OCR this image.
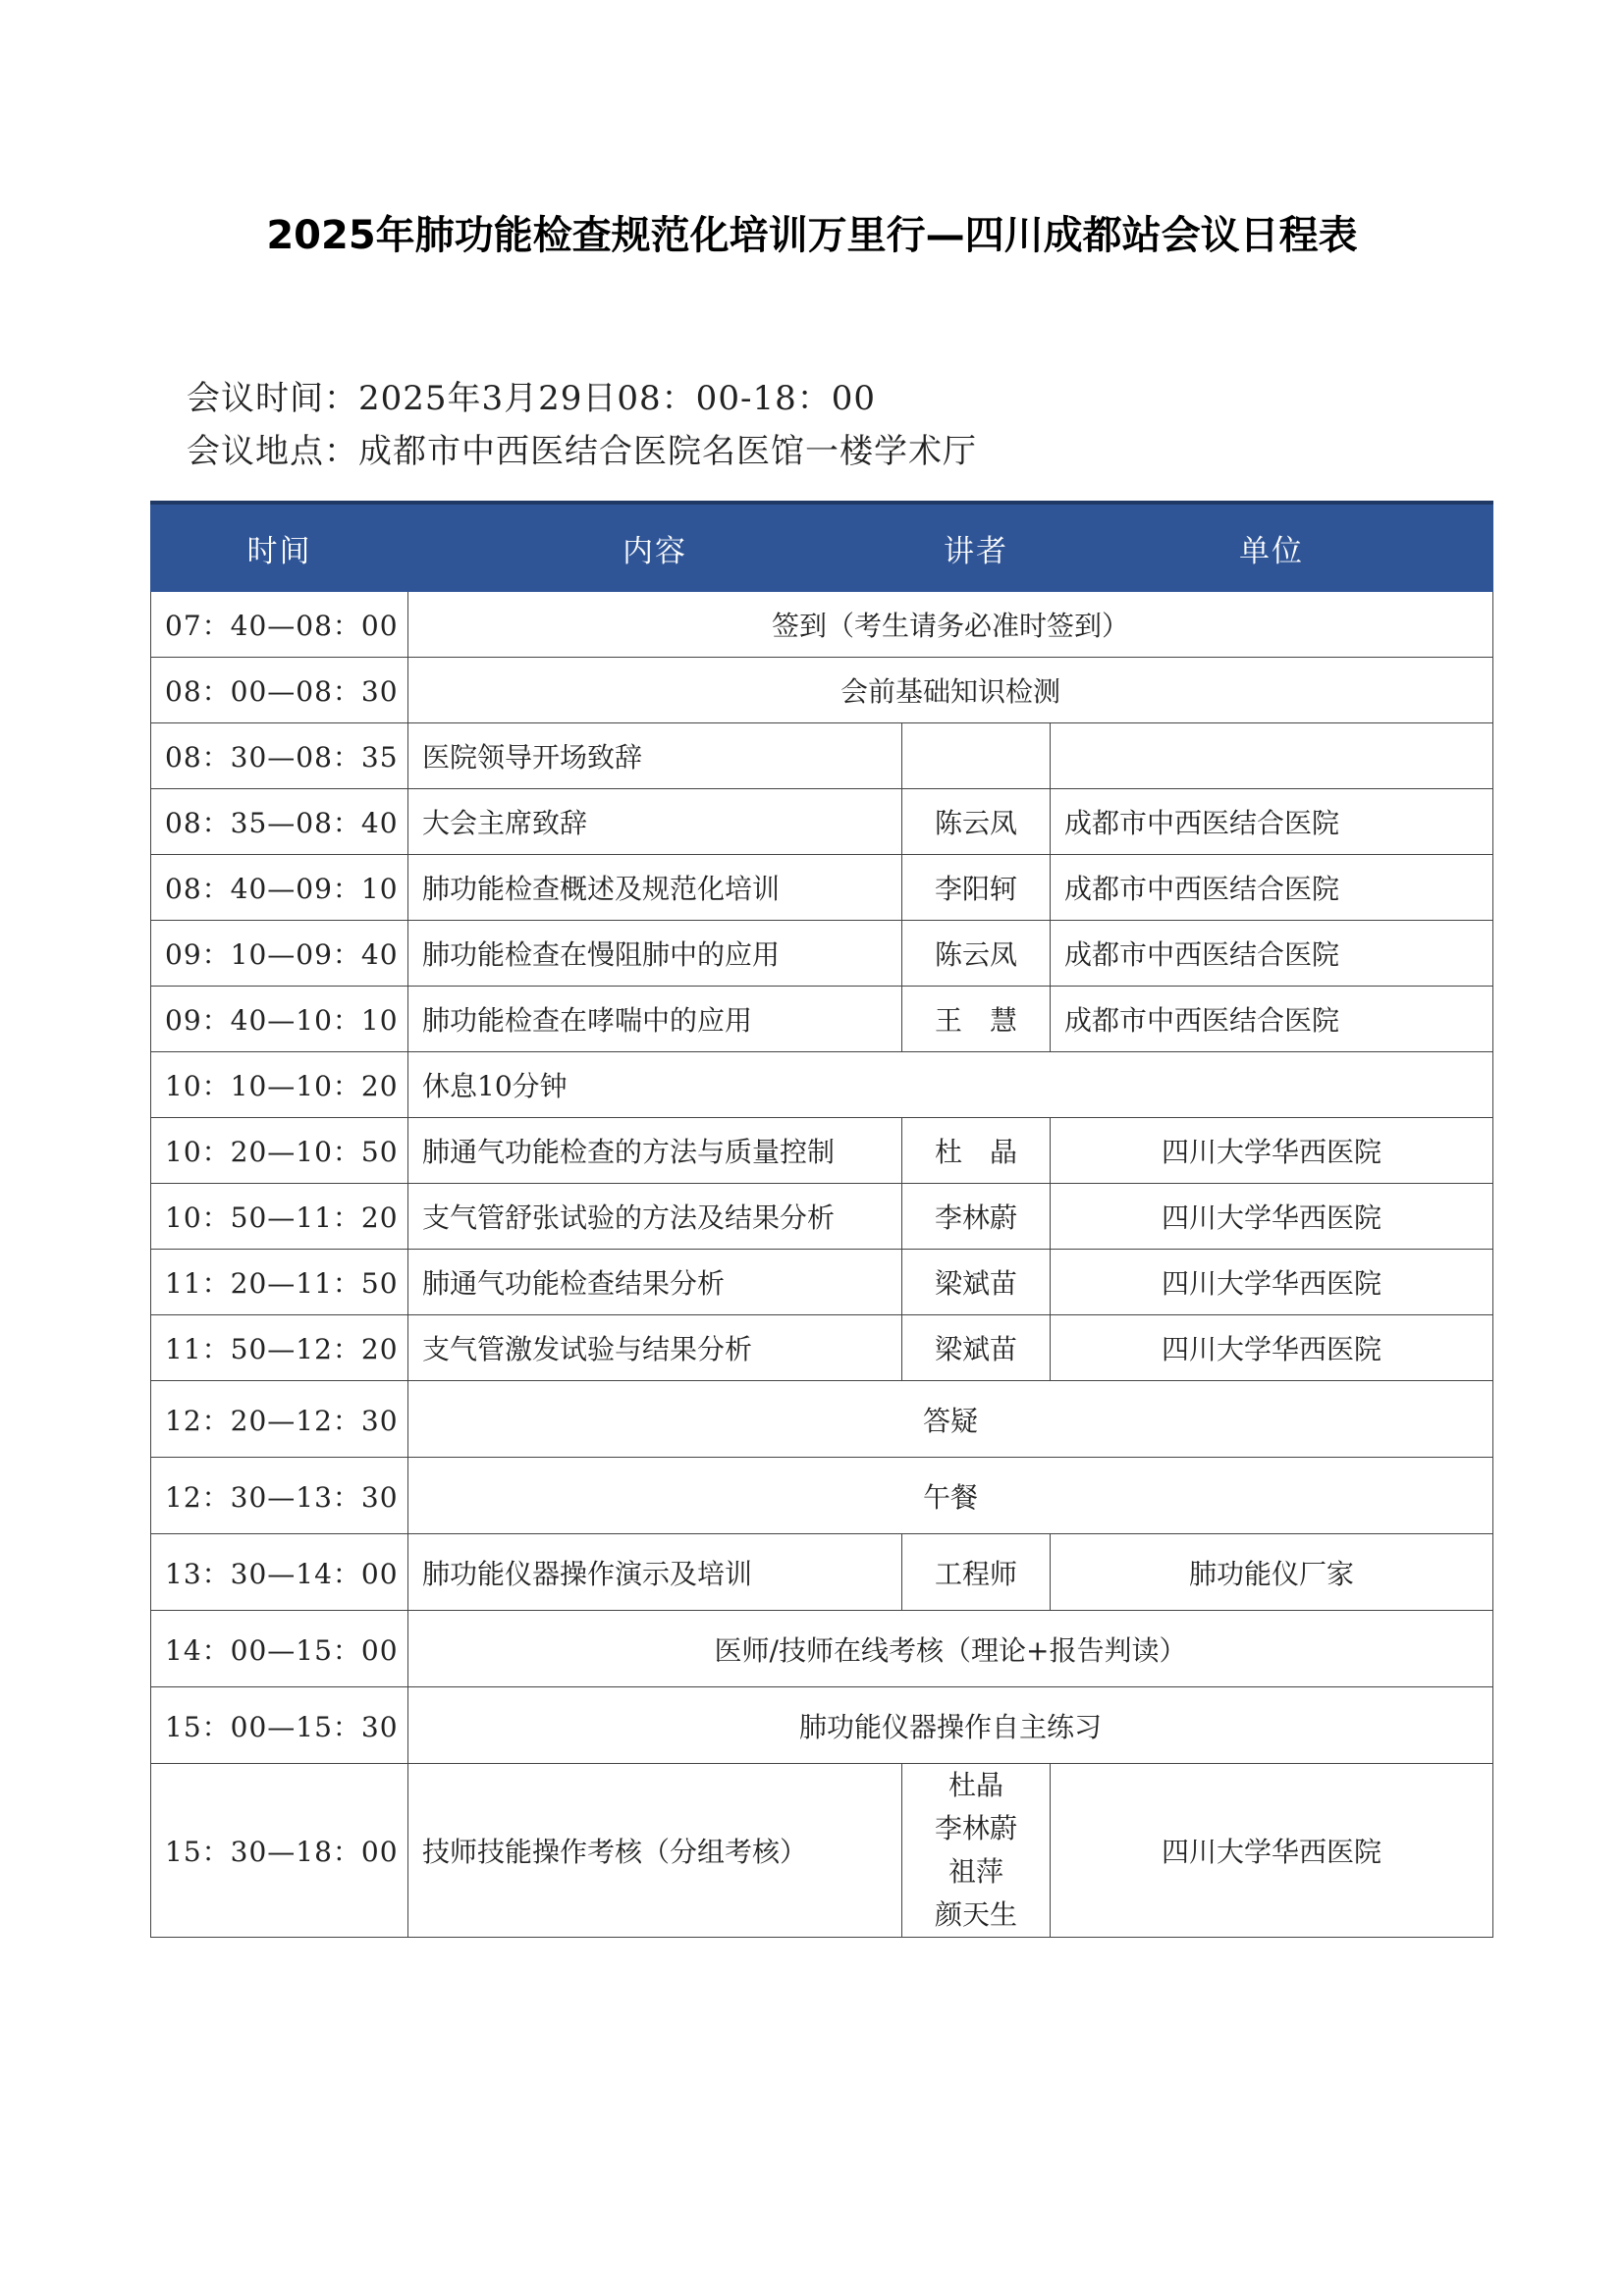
2025年肺功能检查规范化培训万里行—四川成都站会议日程表
会议时间：2025年3月29日08：00-18：00
会议地点：成都市中西医结合医院名医馆一楼学术厅
时间	内容	讲者	单位
07：40—08：00	签到（考生请务必准时签到）		
08：00—08：30	会前基础知识检测		
08：30—08：35	医院领导开场致辞		
08：35—08：40	大会主席致辞	陈云凤	成都市中西医结合医院
08：40—09：10	肺功能检查概述及规范化培训	李阳轲	成都市中西医结合医院
09：10—09：40	肺功能检查在慢阻肺中的应用	陈云凤	成都市中西医结合医院
09：40—10：10	肺功能检查在哮喘中的应用	王　慧	成都市中西医结合医院
10：10—10：20	休息10分钟		
10：20—10：50	肺通气功能检查的方法与质量控制	杜　晶	四川大学华西医院
10：50—11：20	支气管舒张试验的方法及结果分析	李林蔚	四川大学华西医院
11：20—11：50	肺通气功能检查结果分析	梁斌苗	四川大学华西医院
11：50—12：20	支气管激发试验与结果分析	梁斌苗	四川大学华西医院
12：20—12：30	答疑		
12：30—13：30	午餐		
13：30—14：00	肺功能仪器操作演示及培训	工程师	肺功能仪厂家
14：00—15：00	医师/技师在线考核（理论+报告判读）		
15：00—15：30	肺功能仪器操作自主练习		
15：30—18：00	技师技能操作考核（分组考核）	杜晶
李林蔚
祖萍
颜天生	四川大学华西医院
